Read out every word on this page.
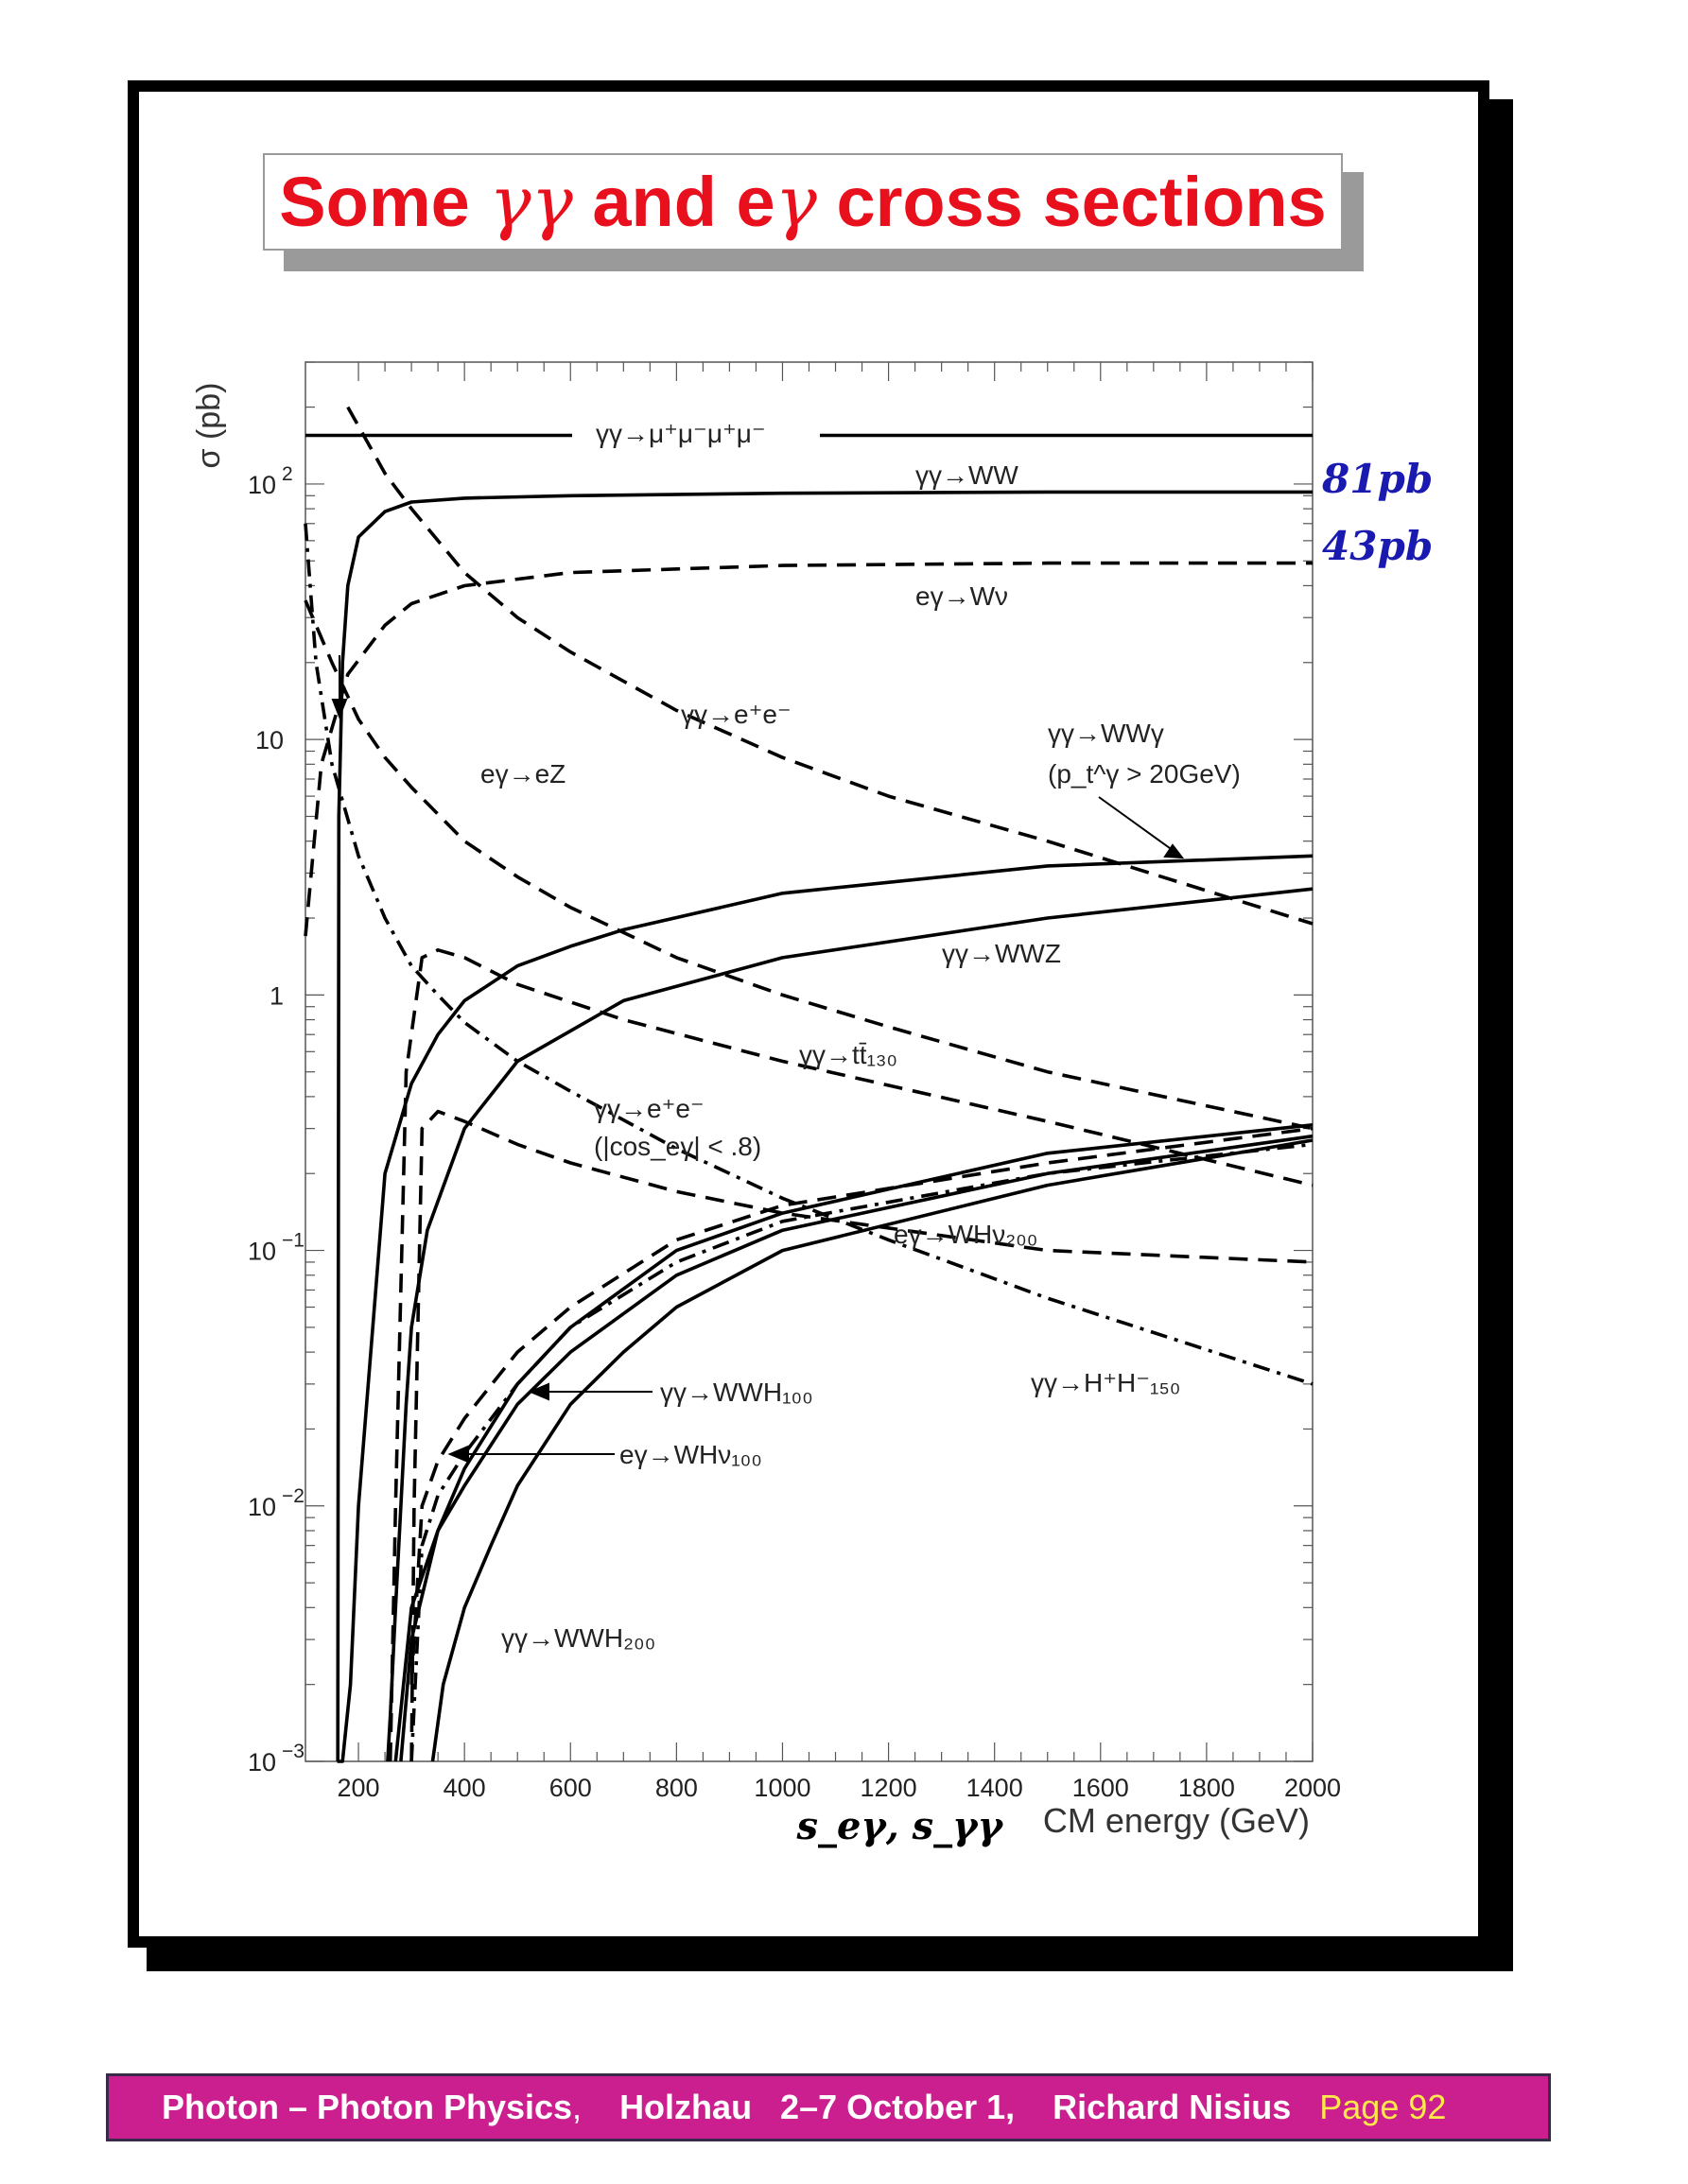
Some γγ and eγ cross sections
200 400 600 800 1000 1200 1400 1600 1800 2000
10 2
10
1
10 −1
10 −2
10 −3
σ (pb)
s_eγ, s_γγ CM energy (GeV)
81pb
43pb
γγ→μ⁺μ⁻μ⁺μ⁻
γγ→WW
eγ→Wν
γγ→e⁺e⁻
γγ→WWγ
(p_t^γ > 20GeV)
eγ→eZ
γγ→WWZ
γγ→tt̄₁₃₀
γγ→e⁺e⁻
(|cos_eγ| < .8)
eγ→WHν₂₀₀
γγ→H⁺H⁻₁₅₀
γγ→WWH₁₀₀
eγ→WHν₁₀₀
γγ→WWH₂₀₀
Photon – Photon Physics , Holzhau   2–7 October 1,    Richard Nisius Page 92
